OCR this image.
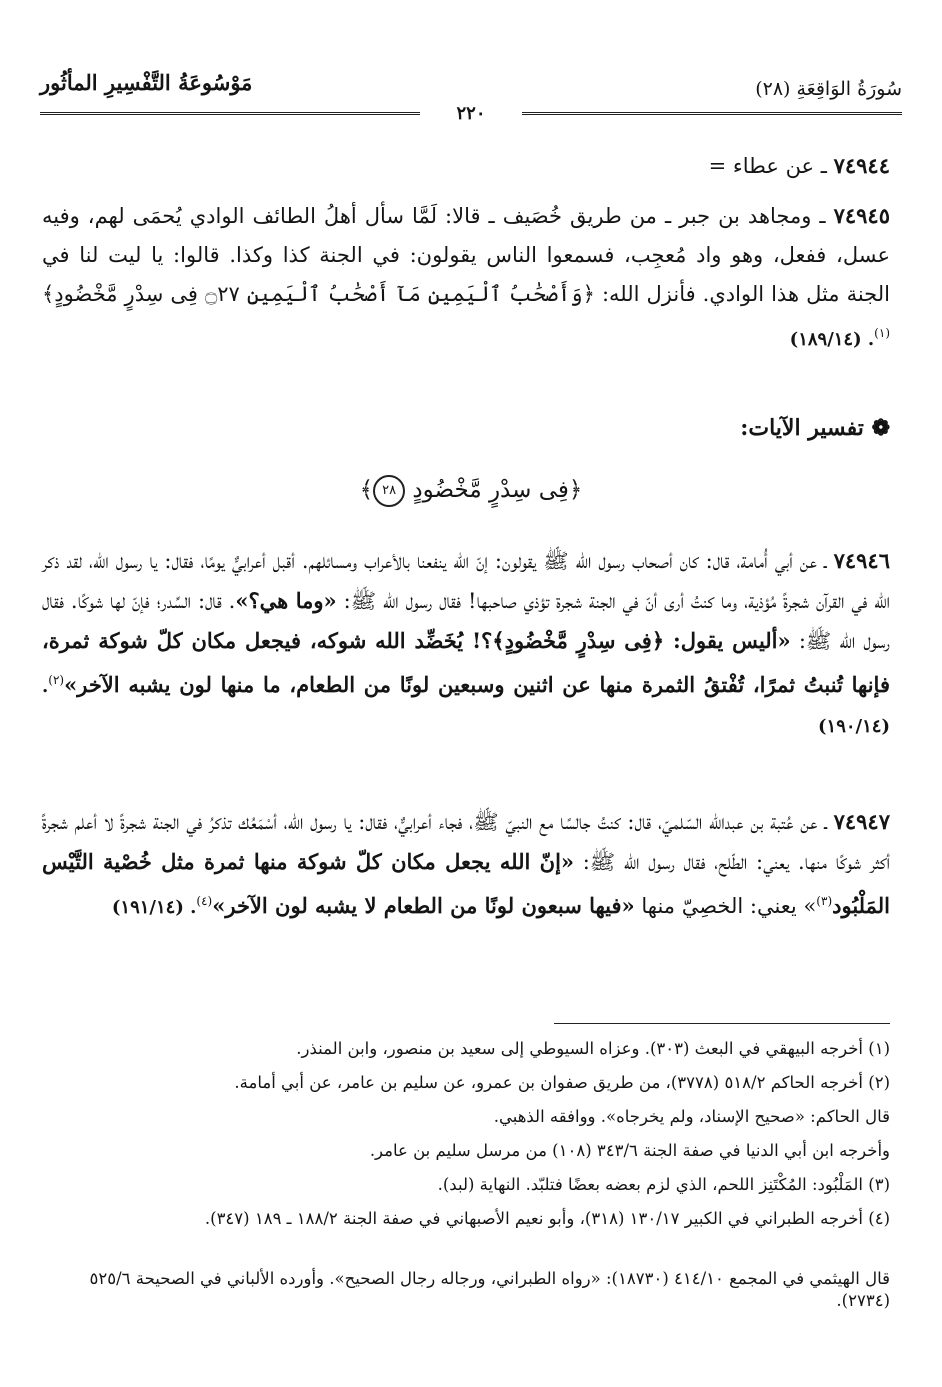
مَوْسُوعَةُ التَّفْسِيرِ المأثُور	سُورَةُ الوَاقِعَةِ (٢٨)
٢٢٠
٧٤٩٤٤ ـ عن عطاء =
٧٤٩٤٥ ـ ومجاهد بن جبر ـ من طريق خُصَيف ـ قالا: لَمَّا سأل أهلُ الطائف الوادي يُحمَى لهم، وفيه عسل، ففعل، وهو واد مُعجِب، فسمعوا الناس يقولون: في الجنة كذا وكذا. قالوا: يا ليت لنا في الجنة مثل هذا الوادي. فأنزل الله: ﴿وَأَصْحَٰبُ ٱلْيَمِينِ مَآ أَصْحَٰبُ ٱلْيَمِينِ ۝٢٧ فِى سِدْرٍ مَّخْضُودٍ﴾$^{(١)}$. (١٨٩/١٤)
❁ تفسير الآيات:
﴿فِى سِدْرٍ مَّخْضُودٍ ٢٨﴾
٧٤٩٤٦ ـ عن أبي أُمامة، قال: كان أصحاب رسول الله ﷺ يقولون: إنّ الله ينفعنا بالأعراب ومسائلهم. أقبل أعرابيٌّ يومًا، فقال: يا رسول الله، لقد ذكر الله في القرآن شجرةً مُؤذية، وما كنتُ أرى أنّ في الجنة شجرة تؤذي صاحبها! فقال رسول الله ﷺ: «وما هي؟». قال: السِّدر؛ فإنّ لها شوكًا. فقال رسول الله ﷺ: «أليس يقول: ﴿فِى سِدْرٍ مَّخْضُودٍ﴾؟! يُخَضِّد الله شوكه، فيجعل مكان كلّ شوكة ثمرة، فإنها تُنبتُ ثمرًا، تُفْتقُ الثمرة منها عن اثنين وسبعين لونًا من الطعام، ما منها لون يشبه الآخر»$^{(٢)}$. (١٩٠/١٤)
٧٤٩٤٧ ـ عن عُتبة بن عبدالله السّلميّ، قال: كنتُ جالسًا مع النبيّ ﷺ، فجاء أعرابيٌّ، فقال: يا رسول الله، أسْمَعُك تذكرُ في الجنة شجرةً لا أعلم شجرةً أكثر شوكًا منها. يعني: الطّلح، فقال رسول الله ﷺ: «إنّ الله يجعل مكان كلّ شوكة منها ثمرة مثل خُصْية التَّيْس المَلْبُود$^{(٣)}$» يعني: الخصِيّ منها «فيها سبعون لونًا من الطعام لا يشبه لون الآخر»$^{(٤)}$. (١٩١/١٤)
(١) أخرجه البيهقي في البعث (٣٠٣). وعزاه السيوطي إلى سعيد بن منصور، وابن المنذر.
(٢) أخرجه الحاكم ٥١٨/٢ (٣٧٧٨)، من طريق صفوان بن عمرو، عن سليم بن عامر، عن أبي أمامة.
قال الحاكم: «صحيح الإسناد، ولم يخرجاه». ووافقه الذهبي.
وأخرجه ابن أبي الدنيا في صفة الجنة ٣٤٣/٦ (١٠٨) من مرسل سليم بن عامر.
(٣) المَلْبُود: المُكْتَنِز اللحم، الذي لزم بعضه بعضًا فتلبّد. النهاية (لبد).
(٤) أخرجه الطبراني في الكبير ١٣٠/١٧ (٣١٨)، وأبو نعيم الأصبهاني في صفة الجنة ١٨٨/٢ ـ ١٨٩ (٣٤٧).
قال الهيثمي في المجمع ٤١٤/١٠ (١٨٧٣٠): «رواه الطبراني، ورجاله رجال الصحيح». وأورده الألباني في الصحيحة ٥٢٥/٦ (٢٧٣٤).
